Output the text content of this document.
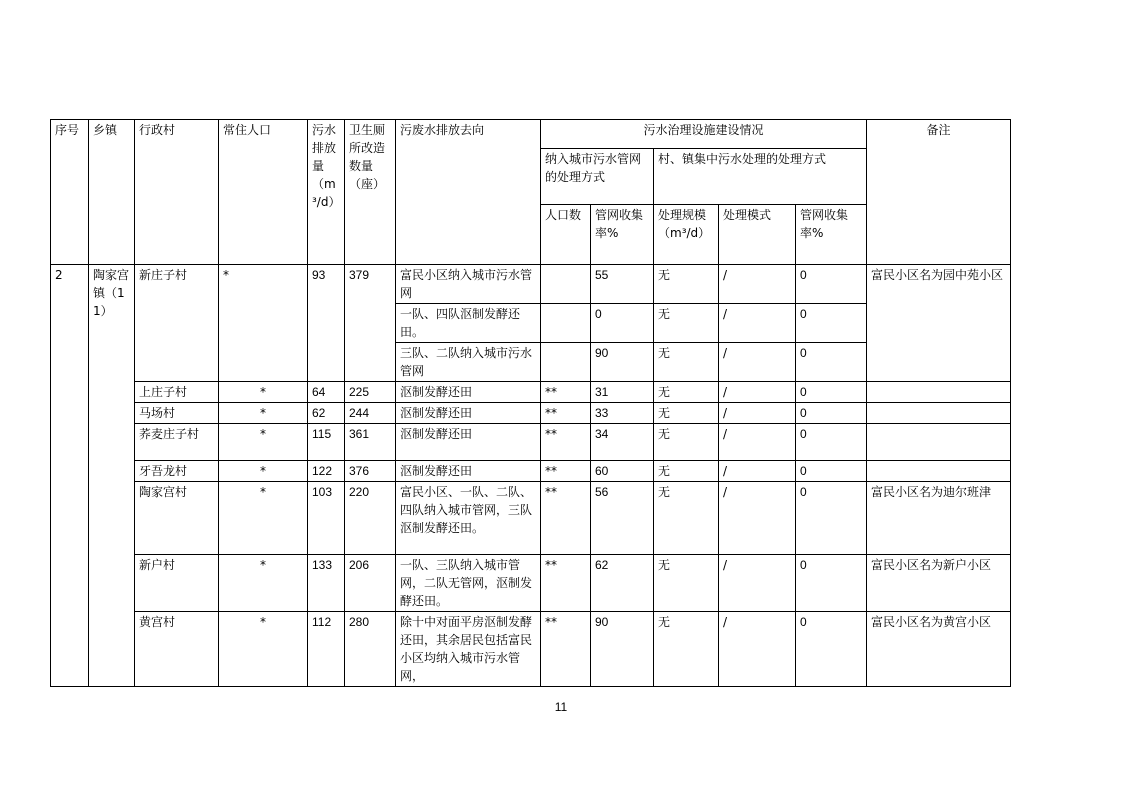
序号	乡镇	行政村	常住人口	污水排放量（m³/d）	卫生厕所改造数量（座）	污废水排放去向	污水治理设施建设情况					备注
							纳入城市污水管网的处理方式		村、镇集中污水处理的处理方式			
							人口数	管网收集率%	处理规模（m³/d）	处理模式	管网收集率%	
2	陶家宫镇（11）	新庄子村	*	93	379	富民小区纳入城市污水管网		55	无	/	0	富民小区名为园中苑小区
						一队、四队沤制发酵还田。		0	无	/	0	
						三队、二队纳入城市污水管网		90	无	/	0	
		上庄子村	*	64	225	沤制发酵还田	**	31	无	/	0	
		马场村	*	62	244	沤制发酵还田	**	33	无	/	0	
		荞麦庄子村	*	115	361	沤制发酵还田	**	34	无	/	0	
		牙吾龙村	*	122	376	沤制发酵还田	**	60	无	/	0	
		陶家宫村	*	103	220	富民小区、一队、二队、四队纳入城市管网，三队沤制发酵还田。	**	56	无	/	0	富民小区名为迪尔班津
		新户村	*	133	206	一队、三队纳入城市管网，二队无管网，沤制发酵还田。	**	62	无	/	0	富民小区名为新户小区
		黄宫村	*	112	280	除十中对面平房沤制发酵还田，其余居民包括富民小区均纳入城市污水管网，	**	90	无	/	0	富民小区名为黄宫小区
11
